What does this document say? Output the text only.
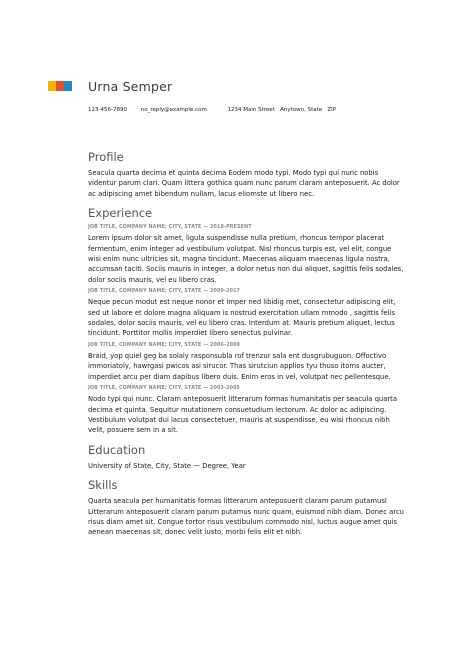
Urna Semper
123-456-7890	no_reply@example.com	1234 Main Street   Anytown, State   ZIP
Profile

Seacula quarta decima et quinta decima Eodem modo typi. Modo typi qui nunc nobis videntur parum clari. Quam littera gothica quam nunc parum claram anteposuerit. Ac dolor ac adipiscing amet bibendum nullam, lacus eliomste ut libero nec.

Experience
JOB TITLE, COMPANY NAME; CITY, STATE — 2018-PRESENT

Lorem ipsum dolor sit amet, ligula suspendisse nulla pretium, rhoncus tempor placerat fermentum, enim integer ad vestibulum volutpat. Nisl rhoncus turpis est, vel elit, congue wisi enim nunc ultricies sit, magna tincidunt. Maecenas aliquam maecenas ligula nostra, accumsan taciti. Sociis mauris in integer, a dolor netus non dui aliquet, sagittis felis sodales, dolor sociis mauris, vel eu libero cras.

JOB TITLE, COMPANY NAME; CITY, STATE — 2009-2017

Neque pecun modut est neque nonor et imper ned libidig met, consectetur adipiscing elit, sed ut labore et dolore magna aliquam is nostrud exercitation ullam mmodo , sagittis felis sodales, dolor sociis mauris, vel eu libero cras. Interdum at. Mauris pretium aliquet, lectus tincidunt. Porttitor mollis imperdiet libero senectus pulvinar.

JOB TITLE, COMPANY NAME; CITY, STATE — 2006-2008

Braid, yop quiel geg ba solaly rasponsubla rof trenzur sala ent dusgrubuguon. Offoctivo immoriatoly, hawrgasi pwicos asi sirucor. Thas sirutciun applios tyu thuso itoms aucter, imperdiet arcu per diam dapibus libero duis. Enim eros in vel, volutpat nec pellentesque.

JOB TITLE, COMPANY NAME; CITY, STATE — 2003-2005

Nodo typi qui nunc. Claram anteposuerit litterarum formas humanitatis per seacula quarta decima et quinta. Sequitur mutationem consuetudium lectorum. Ac dolor ac adipiscing. Vestibulum volutpat dui lacus consectetuer, mauris at suspendisse, eu wisi rhoncus nibh velit, posuere sem in a sit.

Education

University of State, City, State — Degree, Year

Skills

Quarta seacula per humanitatis formas litterarum anteposuerit claram parum putamusl Litterarum anteposuerit claram parum putamus nunc quam, euismod nibh diam. Donec arcu risus diam amet sit. Congue tortor risus vestibulum commodo nisl, luctus augue amet quis aenean maecenas sit, donec velit iusto, morbi felis elit et nibh.
